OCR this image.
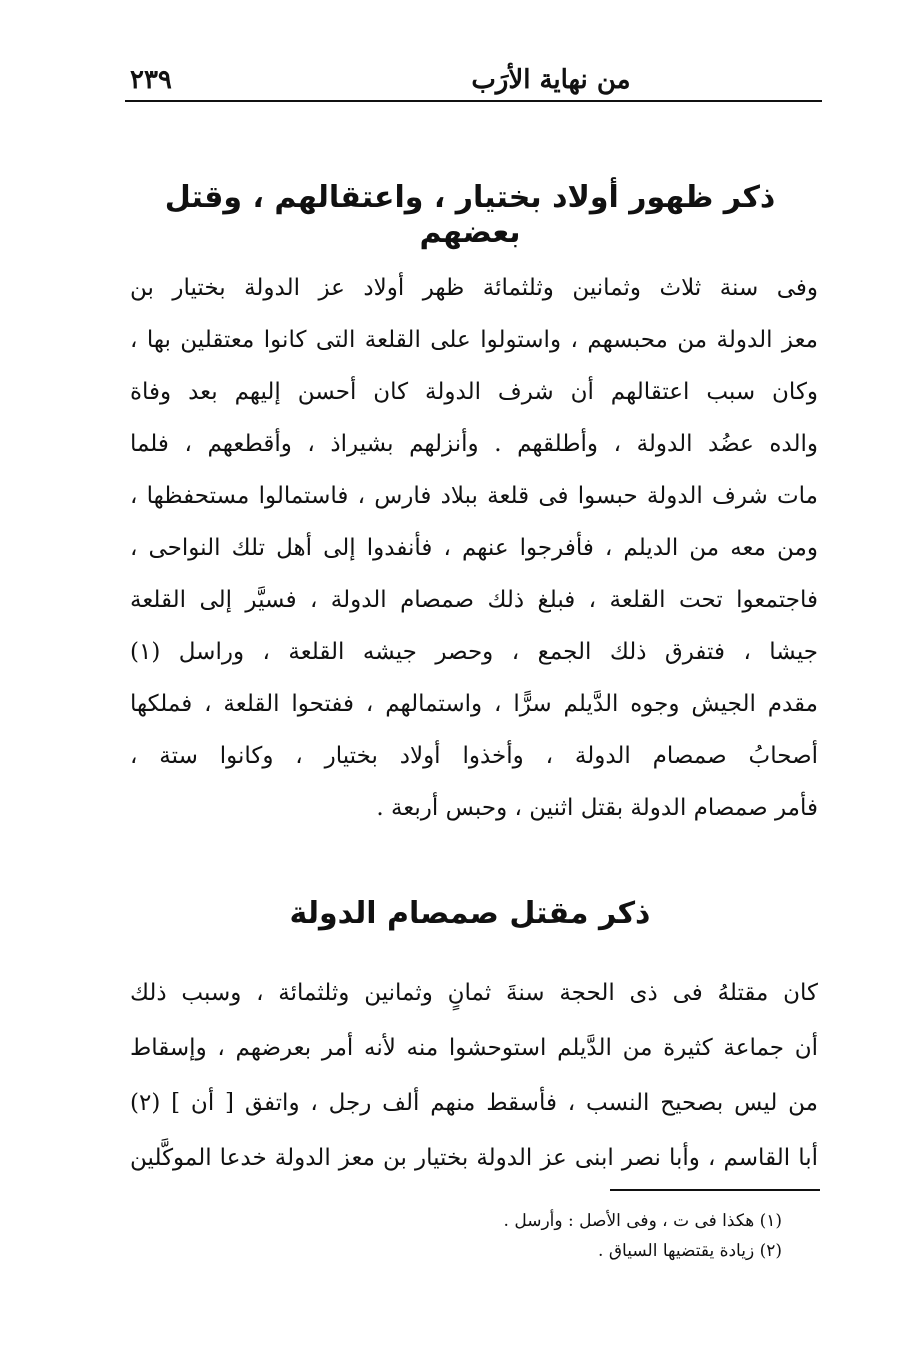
من نهاية الأرَب
٢٣٩
ذكر ظهور أولاد بختيار ، واعتقالهم ، وقتل بعضهم
وفى سنة ثلاث وثمانين وثلثمائة ظهر أولاد عز الدولة بختيار بن
معز الدولة من محبسهم ، واستولوا على القلعة التى كانوا معتقلين بها ،
وكان سبب اعتقالهم أن شرف الدولة كان أحسن إليهم بعد وفاة
والده عضُد الدولة ، وأطلقهم . وأنزلهم بشيراذ ، وأقطعهم ، فلما
مات شرف الدولة حبسوا فى قلعة ببلاد فارس ، فاستمالوا مستحفظها ،
ومن معه من الديلم ، فأفرجوا عنهم ، فأنفدوا إلى أهل تلك النواحى ،
فاجتمعوا تحت القلعة ، فبلغ ذلك صمصام الدولة ، فسيَّر إلى القلعة
جيشا ، فتفرق ذلك الجمع ، وحصر جيشه القلعة ، وراسل (١)
مقدم الجيش وجوه الدَّيلم سرًّا ، واستمالهم ، ففتحوا القلعة ، فملكها
أصحابُ صمصام الدولة ، وأخذوا أولاد بختيار ، وكانوا ستة ،
فأمر صمصام الدولة بقتل اثنين ، وحبس أربعة .
ذكر مقتل صمصام الدولة
كان مقتلهُ فى ذى الحجة سنةَ ثمانٍ وثمانين وثلثمائة ، وسبب ذلك
أن جماعة كثيرة من الدَّيلم استوحشوا منه لأنه أمر بعرضهم ، وإسقاط
من ليس بصحيح النسب ، فأسقط منهم ألف رجل ، واتفق [ أن ] (٢)
أبا القاسم ، وأبا نصر ابنى عز الدولة بختيار بن معز الدولة خدعا الموكَّلين
(١) هكذا فى ت ، وفى الأصل : وأرسل .
(٢) زيادة يقتضيها السياق .
